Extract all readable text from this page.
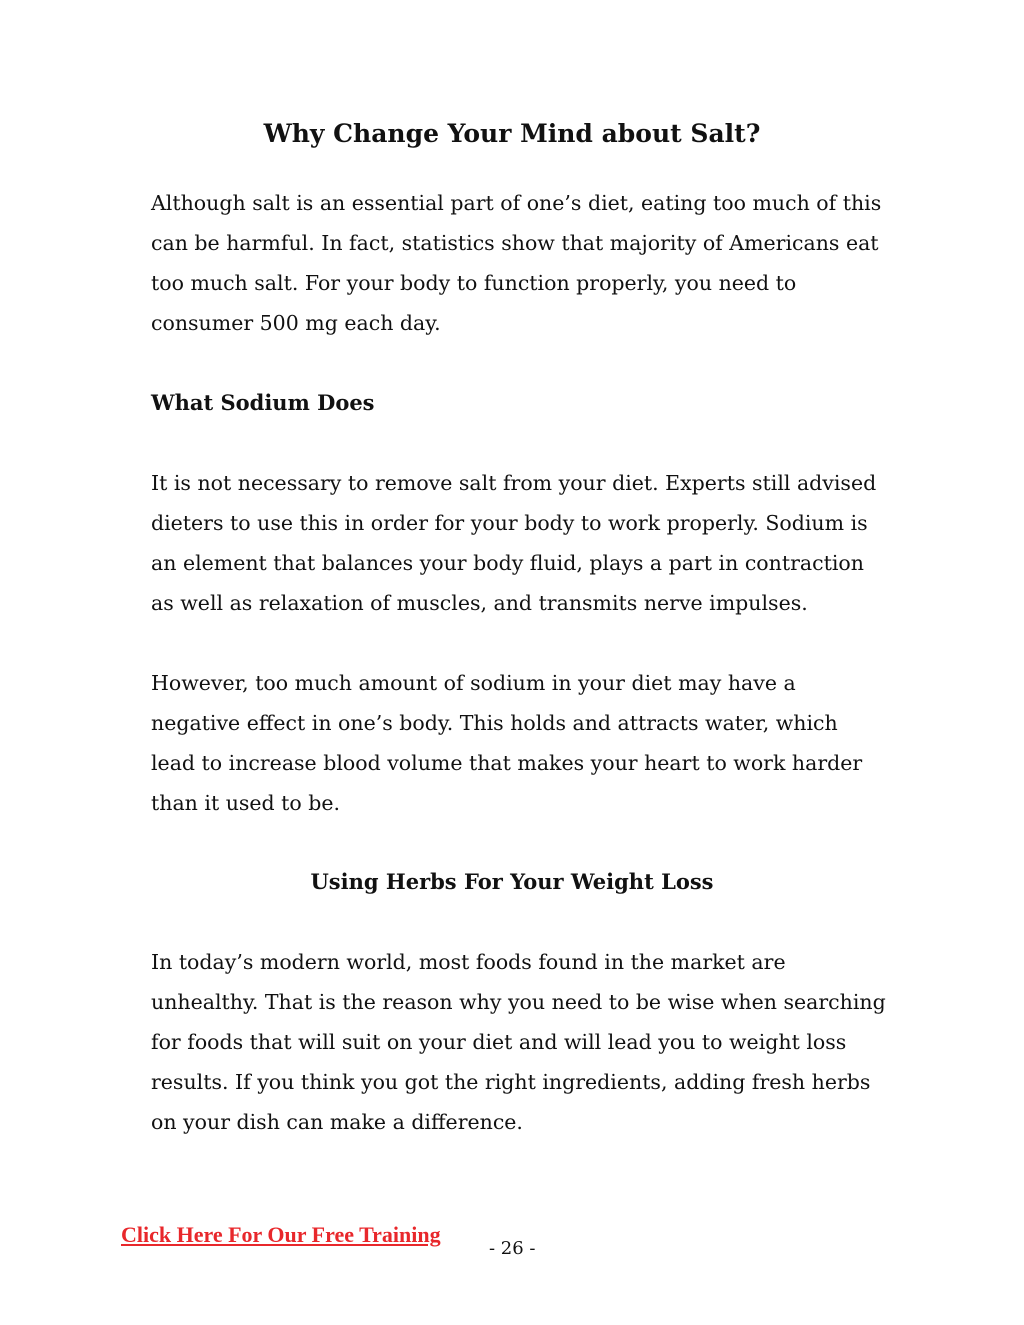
Why Change Your Mind about Salt?

Although salt is an essential part of one’s diet, eating too much of this
can be harmful. In fact, statistics show that majority of Americans eat
too much salt. For your body to function properly, you need to
consumer 500 mg each day.

What Sodium Does

It is not necessary to remove salt from your diet. Experts still advised
dieters to use this in order for your body to work properly. Sodium is
an element that balances your body fluid, plays a part in contraction
as well as relaxation of muscles, and transmits nerve impulses.

However, too much amount of sodium in your diet may have a
negative effect in one’s body. This holds and attracts water, which
lead to increase blood volume that makes your heart to work harder
than it used to be.

Using Herbs For Your Weight Loss

In today’s modern world, most foods found in the market are
unhealthy. That is the reason why you need to be wise when searching
for foods that will suit on your diet and will lead you to weight loss
results. If you think you got the right ingredients, adding fresh herbs
on your dish can make a difference.

Click Here For Our Free Training
- 26 -
